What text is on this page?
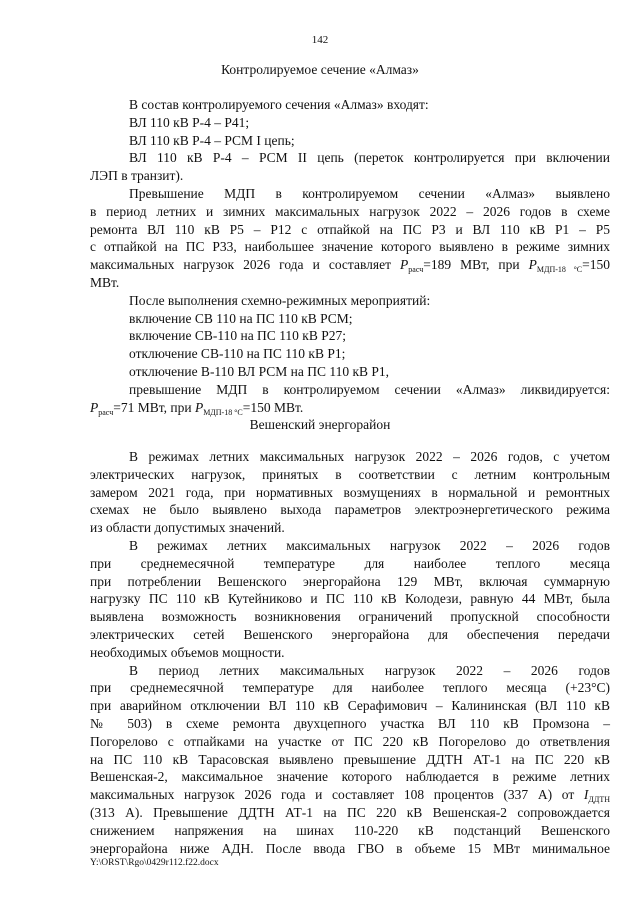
142
Контролируемое сечение «Алмаз»
В состав контролируемого сечения «Алмаз» входят:
ВЛ 110 кВ Р-4 – Р41;
ВЛ 110 кВ Р-4 – РСМ I цепь;
ВЛ 110 кВ Р-4 – РСМ II цепь (переток контролируется при включении
ЛЭП в транзит).
Превышение МДП в контролируемом сечении «Алмаз» выявлено
в период летних и зимних максимальных нагрузок 2022 – 2026 годов в схеме
ремонта ВЛ 110 кВ Р5 – Р12 с отпайкой на ПС Р3 и ВЛ 110 кВ Р1 – Р5
с отпайкой на ПС Р33, наибольшее значение которого выявлено в режиме зимних
максимальных нагрузок 2026 года и составляет $P_{расч}=189$ МВт, при $P_{МДП-18 ^\circ С}=150$
МВт.
После выполнения схемно-режимных мероприятий:
включение СВ 110 на ПС 110 кВ РСМ;
включение СВ-110 на ПС 110 кВ Р27;
отключение СВ-110 на ПС 110 кВ Р1;
отключение В-110 ВЛ РСМ на ПС 110 кВ Р1,
превышение МДП в контролируемом сечении «Алмаз» ликвидируется:
$P_{расч}=71$ МВт, при $P_{МДП-18 ^\circ С}=150$ МВт.
Вешенский энергорайон
В режимах летних максимальных нагрузок 2022 – 2026 годов, с учетом
электрических нагрузок, принятых в соответствии с летним контрольным
замером 2021 года, при нормативных возмущениях в нормальной и ремонтных
схемах не было выявлено выхода параметров электроэнергетического режима
из области допустимых значений.
В режимах летних максимальных нагрузок 2022 – 2026 годов
при среднемесячной температуре для наиболее теплого месяца
при потреблении Вешенского энергорайона 129 МВт, включая суммарную
нагрузку ПС 110 кВ Кутейниково и ПС 110 кВ Колодези, равную 44 МВт, была
выявлена возможность возникновения ограничений пропускной способности
электрических сетей Вешенского энергорайона для обеспечения передачи
необходимых объемов мощности.
В период летних максимальных нагрузок 2022 – 2026 годов
при среднемесячной температуре для наиболее теплого месяца (+23°С)
при аварийном отключении ВЛ 110 кВ Серафимович – Калининская (ВЛ 110 кВ
№ 503) в схеме ремонта двухцепного участка ВЛ 110 кВ Промзона –
Погорелово с отпайками на участке от ПС 220 кВ Погорелово до ответвления
на ПС 110 кВ Тарасовская выявлено превышение ДДТН АТ-1 на ПС 220 кВ
Вешенская-2, максимальное значение которого наблюдается в режиме летних
максимальных нагрузок 2026 года и составляет 108 процентов (337 А) от $I_{ДДТН}$
(313 А). Превышение ДДТН АТ-1 на ПС 220 кВ Вешенская-2 сопровождается
снижением напряжения на шинах 110-220 кВ подстанций Вешенского
энергорайона ниже АДН. После ввода ГВО в объеме 15 МВт минимальное
Y:\ORST\Rgo\0429r112.f22.docx
